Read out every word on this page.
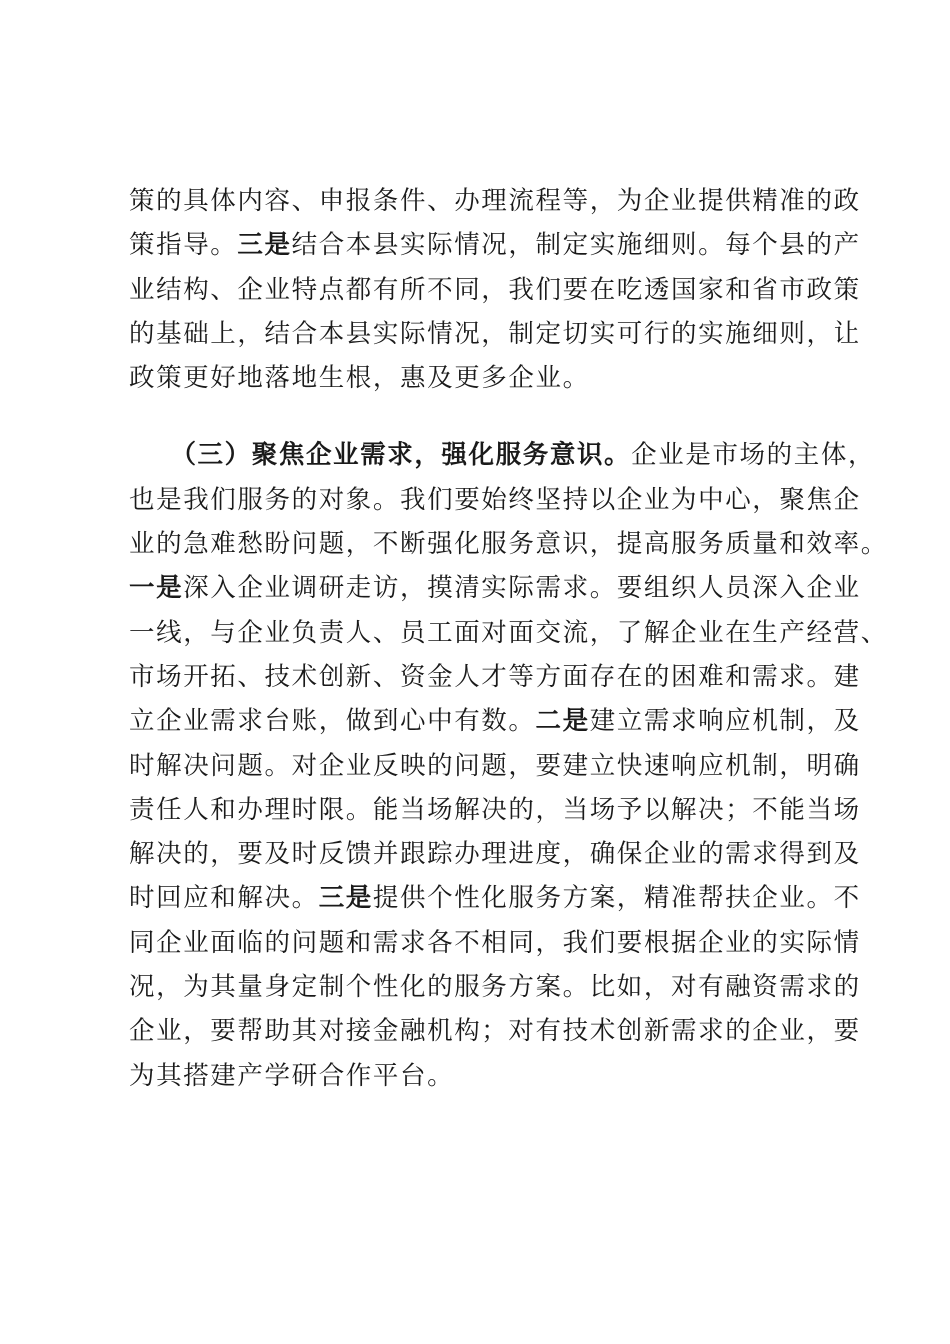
策的具体内容、申报条件、办理流程等，为企业提供精准的政
策指导。三是结合本县实际情况，制定实施细则。每个县的产
业结构、企业特点都有所不同，我们要在吃透国家和省市政策
的基础上，结合本县实际情况，制定切实可行的实施细则，让
政策更好地落地生根，惠及更多企业。
　　（三）聚焦企业需求，强化服务意识。企业是市场的主体，
也是我们服务的对象。我们要始终坚持以企业为中心，聚焦企
业的急难愁盼问题，不断强化服务意识，提高服务质量和效率。
一是深入企业调研走访，摸清实际需求。要组织人员深入企业
一线，与企业负责人、员工面对面交流，了解企业在生产经营、
市场开拓、技术创新、资金人才等方面存在的困难和需求。建
立企业需求台账，做到心中有数。二是建立需求响应机制，及
时解决问题。对企业反映的问题，要建立快速响应机制，明确
责任人和办理时限。能当场解决的，当场予以解决；不能当场
解决的，要及时反馈并跟踪办理进度，确保企业的需求得到及
时回应和解决。三是提供个性化服务方案，精准帮扶企业。不
同企业面临的问题和需求各不相同，我们要根据企业的实际情
况，为其量身定制个性化的服务方案。比如，对有融资需求的
企业，要帮助其对接金融机构；对有技术创新需求的企业，要
为其搭建产学研合作平台。
